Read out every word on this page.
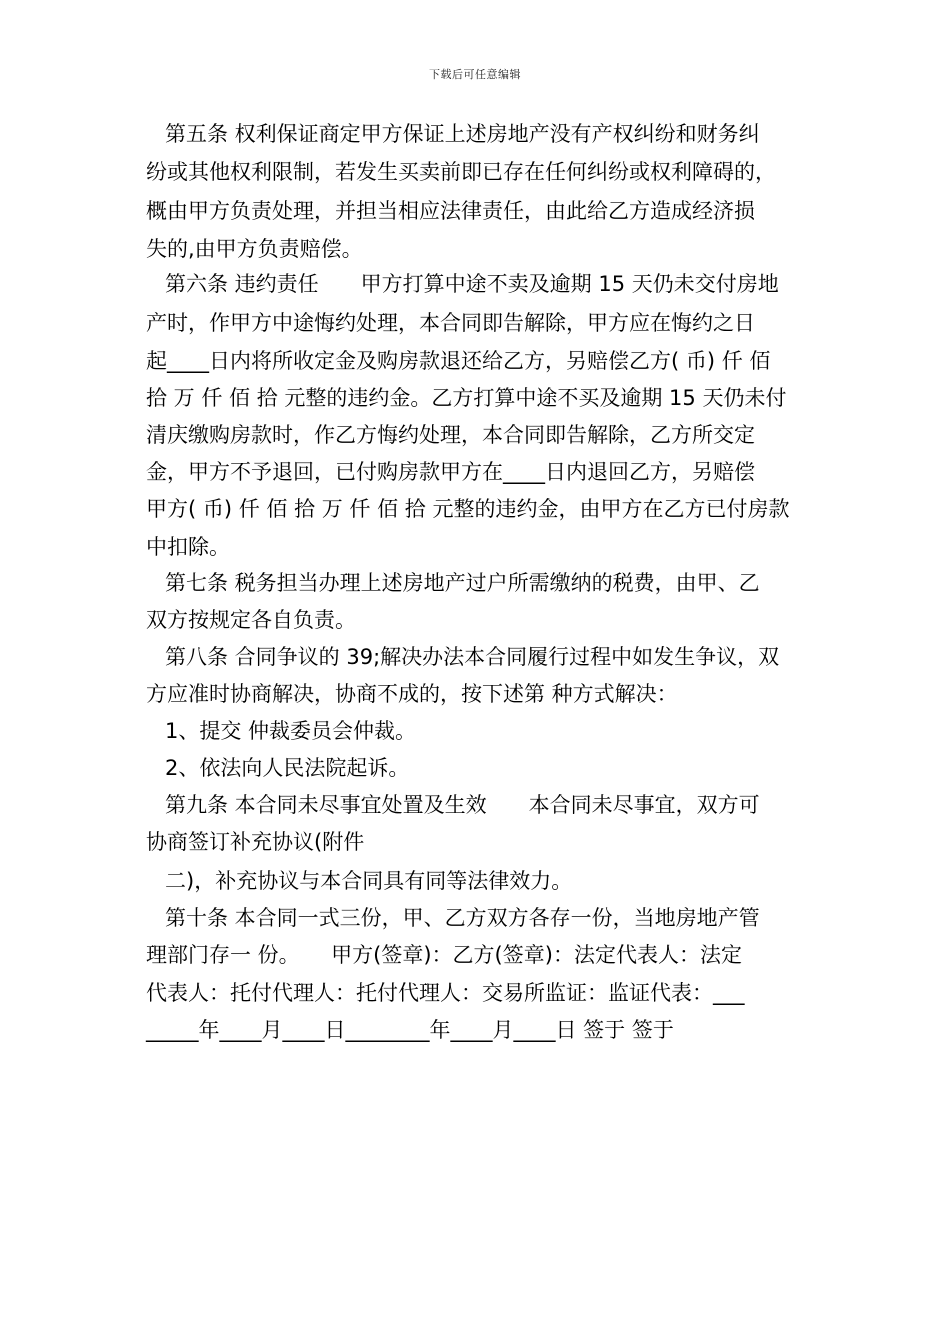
下载后可任意编辑
第五条 权利保证商定甲方保证上述房地产没有产权纠纷和财务纠
纷或其他权利限制，若发生买卖前即已存在任何纠纷或权利障碍的，
概由甲方负责处理，并担当相应法律责任，由此给乙方造成经济损
失的,由甲方负责赔偿。
第六条 违约责任　　甲方打算中途不卖及逾期 15 天仍未交付房地
产时，作甲方中途悔约处理，本合同即告解除，甲方应在悔约之日
起____日内将所收定金及购房款退还给乙方，另赔偿乙方( 币) 仟 佰
拾 万 仟 佰 拾 元整的违约金。乙方打算中途不买及逾期 15 天仍未付
清庆缴购房款时，作乙方悔约处理，本合同即告解除，乙方所交定
金，甲方不予退回，已付购房款甲方在____日内退回乙方，另赔偿
甲方( 币) 仟 佰 拾 万 仟 佰 拾 元整的违约金，由甲方在乙方已付房款
中扣除。
第七条 税务担当办理上述房地产过户所需缴纳的税费，由甲、乙
双方按规定各自负责。
第八条 合同争议的 39;解决办法本合同履行过程中如发生争议，双
方应准时协商解决，协商不成的，按下述第 种方式解决：
1、提交 仲裁委员会仲裁。
2、依法向人民法院起诉。
第九条 本合同未尽事宜处置及生效　　本合同未尽事宜，双方可
协商签订补充协议(附件
二)，补充协议与本合同具有同等法律效力。
第十条 本合同一式三份，甲、乙方双方各存一份，当地房地产管
理部门存一 份。　　甲方(签章)：乙方(签章)：法定代表人：法定
代表人：托付代理人：托付代理人：交易所监证：监证代表：___
_____年____月____日________年____月____日 签于 签于
